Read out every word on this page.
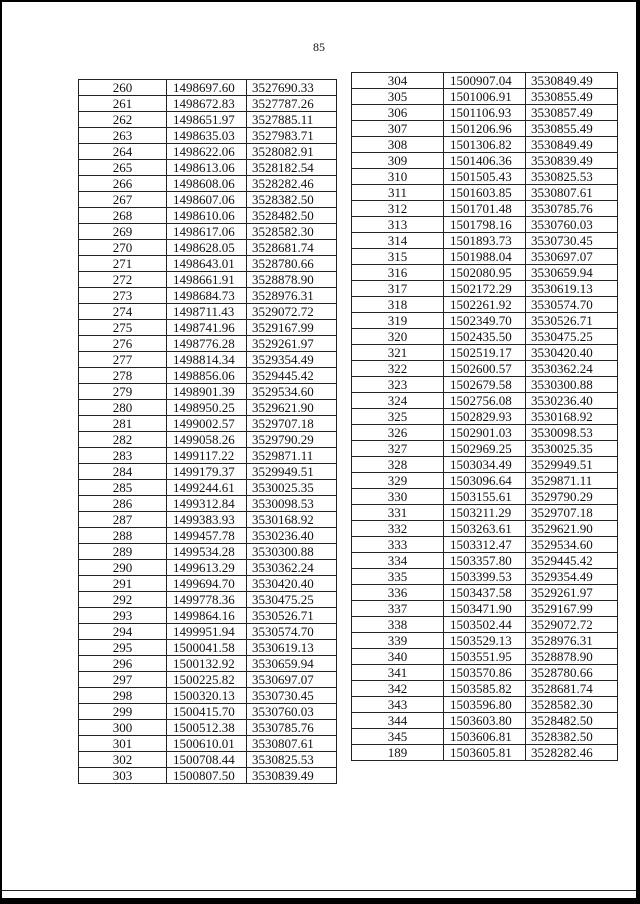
85
260	1498697.60	3527690.33
261	1498672.83	3527787.26
262	1498651.97	3527885.11
263	1498635.03	3527983.71
264	1498622.06	3528082.91
265	1498613.06	3528182.54
266	1498608.06	3528282.46
267	1498607.06	3528382.50
268	1498610.06	3528482.50
269	1498617.06	3528582.30
270	1498628.05	3528681.74
271	1498643.01	3528780.66
272	1498661.91	3528878.90
273	1498684.73	3528976.31
274	1498711.43	3529072.72
275	1498741.96	3529167.99
276	1498776.28	3529261.97
277	1498814.34	3529354.49
278	1498856.06	3529445.42
279	1498901.39	3529534.60
280	1498950.25	3529621.90
281	1499002.57	3529707.18
282	1499058.26	3529790.29
283	1499117.22	3529871.11
284	1499179.37	3529949.51
285	1499244.61	3530025.35
286	1499312.84	3530098.53
287	1499383.93	3530168.92
288	1499457.78	3530236.40
289	1499534.28	3530300.88
290	1499613.29	3530362.24
291	1499694.70	3530420.40
292	1499778.36	3530475.25
293	1499864.16	3530526.71
294	1499951.94	3530574.70
295	1500041.58	3530619.13
296	1500132.92	3530659.94
297	1500225.82	3530697.07
298	1500320.13	3530730.45
299	1500415.70	3530760.03
300	1500512.38	3530785.76
301	1500610.01	3530807.61
302	1500708.44	3530825.53
303	1500807.50	3530839.49
304	1500907.04	3530849.49
305	1501006.91	3530855.49
306	1501106.93	3530857.49
307	1501206.96	3530855.49
308	1501306.82	3530849.49
309	1501406.36	3530839.49
310	1501505.43	3530825.53
311	1501603.85	3530807.61
312	1501701.48	3530785.76
313	1501798.16	3530760.03
314	1501893.73	3530730.45
315	1501988.04	3530697.07
316	1502080.95	3530659.94
317	1502172.29	3530619.13
318	1502261.92	3530574.70
319	1502349.70	3530526.71
320	1502435.50	3530475.25
321	1502519.17	3530420.40
322	1502600.57	3530362.24
323	1502679.58	3530300.88
324	1502756.08	3530236.40
325	1502829.93	3530168.92
326	1502901.03	3530098.53
327	1502969.25	3530025.35
328	1503034.49	3529949.51
329	1503096.64	3529871.11
330	1503155.61	3529790.29
331	1503211.29	3529707.18
332	1503263.61	3529621.90
333	1503312.47	3529534.60
334	1503357.80	3529445.42
335	1503399.53	3529354.49
336	1503437.58	3529261.97
337	1503471.90	3529167.99
338	1503502.44	3529072.72
339	1503529.13	3528976.31
340	1503551.95	3528878.90
341	1503570.86	3528780.66
342	1503585.82	3528681.74
343	1503596.80	3528582.30
344	1503603.80	3528482.50
345	1503606.81	3528382.50
189	1503605.81	3528282.46
